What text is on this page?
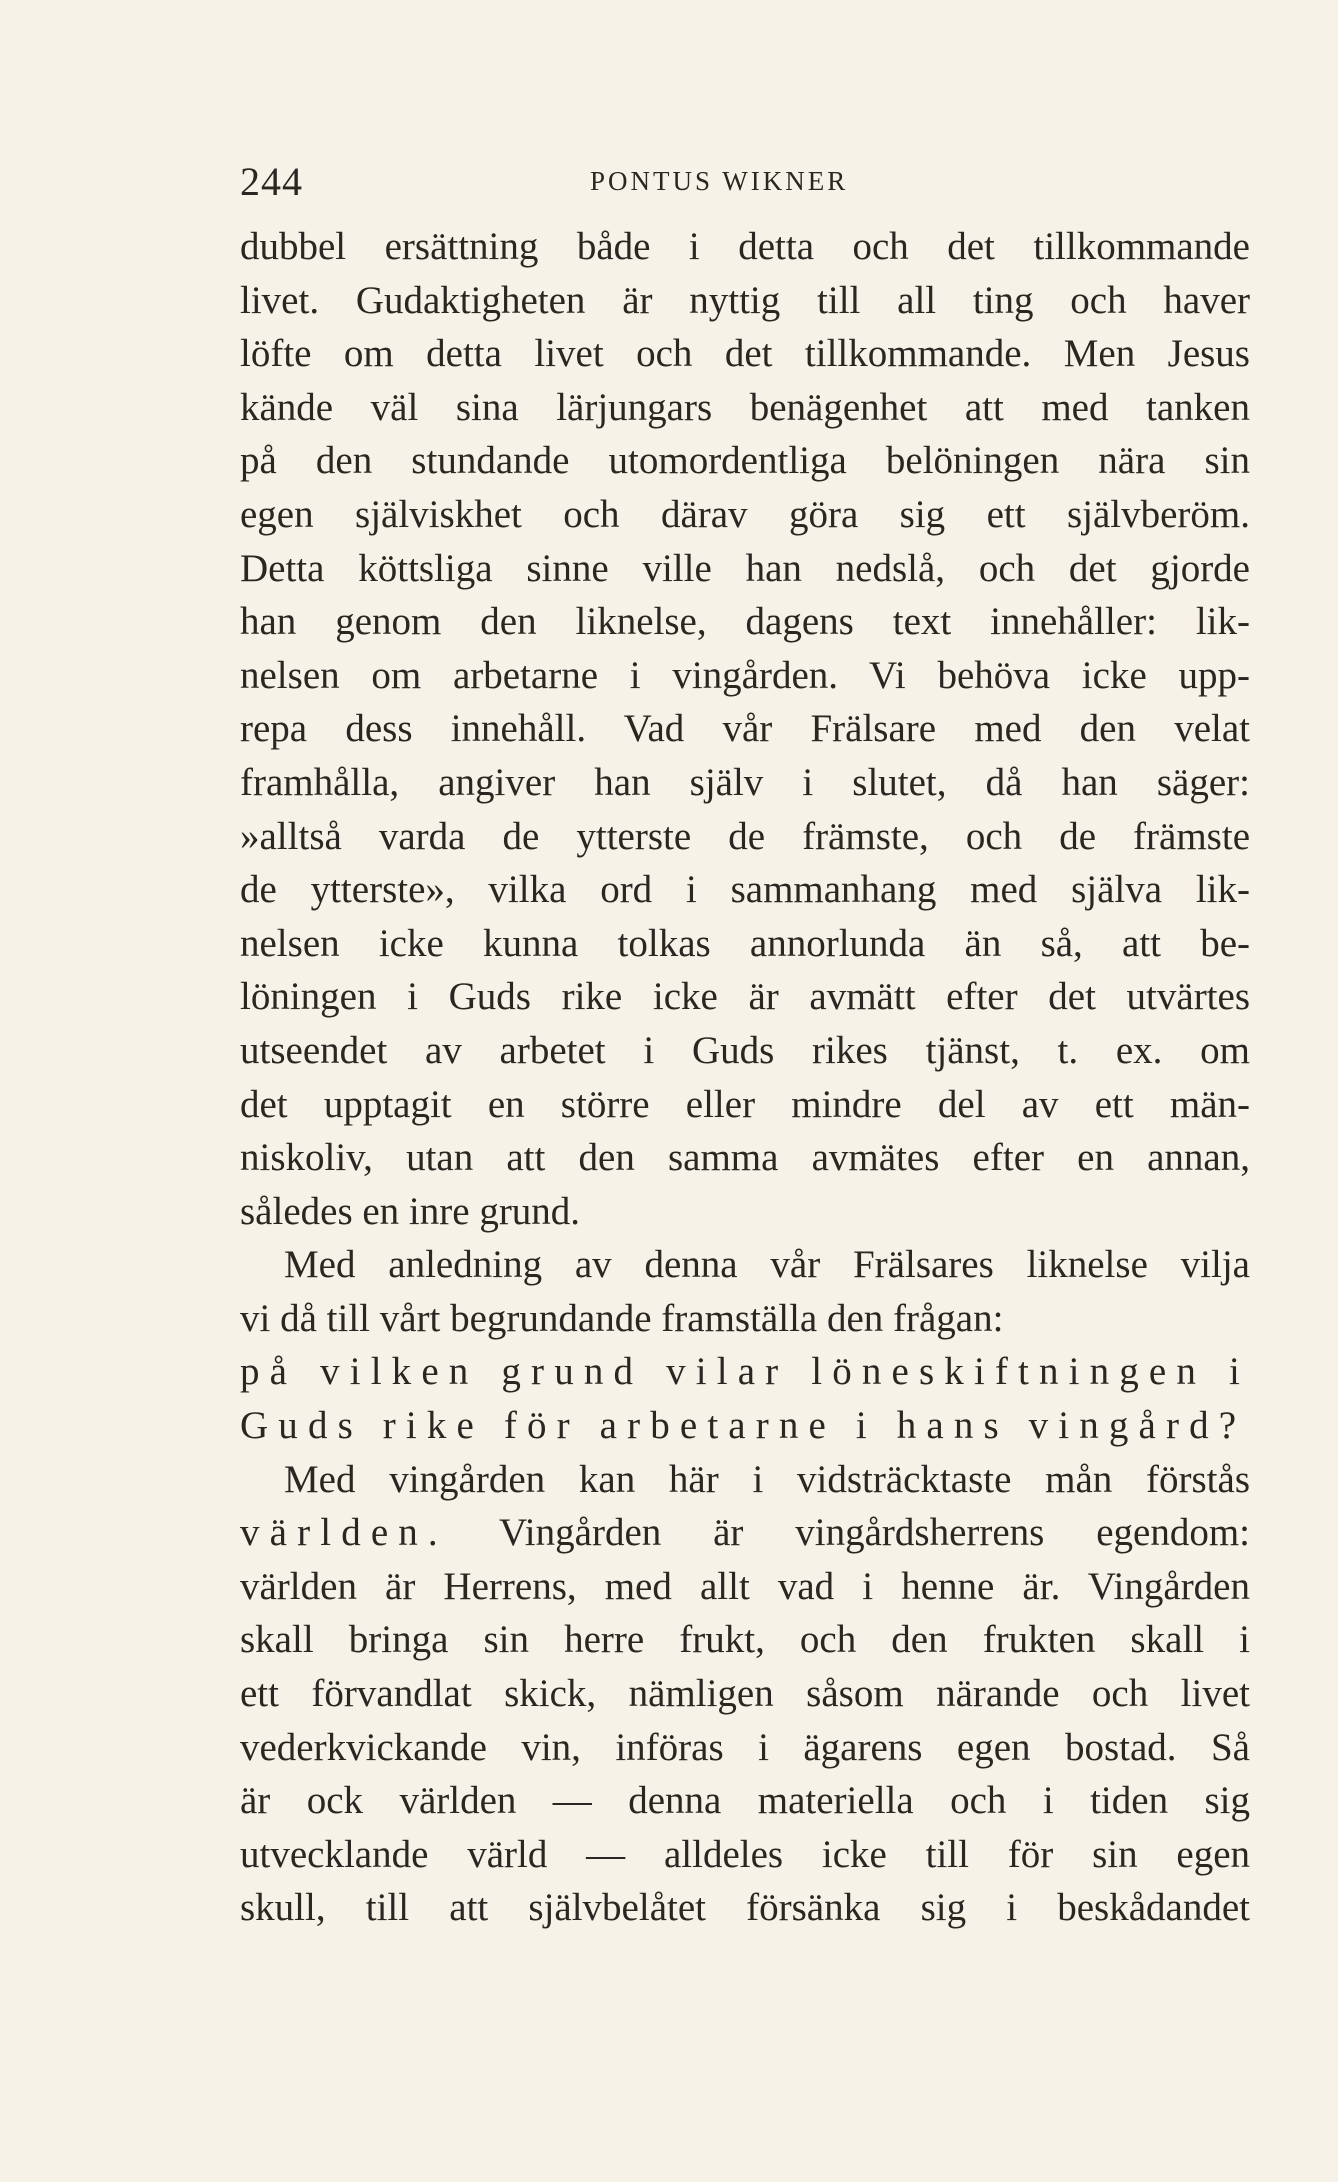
244	PONTUS WIKNER
dubbel ersättning både i detta och det tillkommande
livet. Gudaktigheten är nyttig till all ting och haver
löfte om detta livet och det tillkommande. Men Jesus
kände väl sina lärjungars benägenhet att med tanken
på den stundande utomordentliga belöningen nära sin
egen själviskhet och därav göra sig ett självberöm.
Detta köttsliga sinne ville han nedslå, och det gjorde
han genom den liknelse, dagens text innehåller: lik-
nelsen om arbetarne i vingården. Vi behöva icke upp-
repa dess innehåll. Vad vår Frälsare med den velat
framhålla, angiver han själv i slutet, då han säger:
»alltså varda de ytterste de främste, och de främste
de ytterste», vilka ord i sammanhang med själva lik-
nelsen icke kunna tolkas annorlunda än så, att be-
löningen i Guds rike icke är avmätt efter det utvärtes
utseendet av arbetet i Guds rikes tjänst, t. ex. om
det upptagit en större eller mindre del av ett män-
niskoliv, utan att den samma avmätes efter en annan,
således en inre grund.
Med anledning av denna vår Frälsares liknelse vilja
vi då till vårt begrundande framställa den frågan:
på vilken grund vilar löneskiftningen i
Guds rike för arbetarne i hans vingård?
Med vingården kan här i vidsträcktaste mån förstås
världen. Vingården är vingårdsherrens egendom:
världen är Herrens, med allt vad i henne är. Vingården
skall bringa sin herre frukt, och den frukten skall i
ett förvandlat skick, nämligen såsom närande och livet
vederkvickande vin, införas i ägarens egen bostad. Så
är ock världen — denna materiella och i tiden sig
utvecklande värld — alldeles icke till för sin egen
skull, till att självbelåtet försänka sig i beskådandet
